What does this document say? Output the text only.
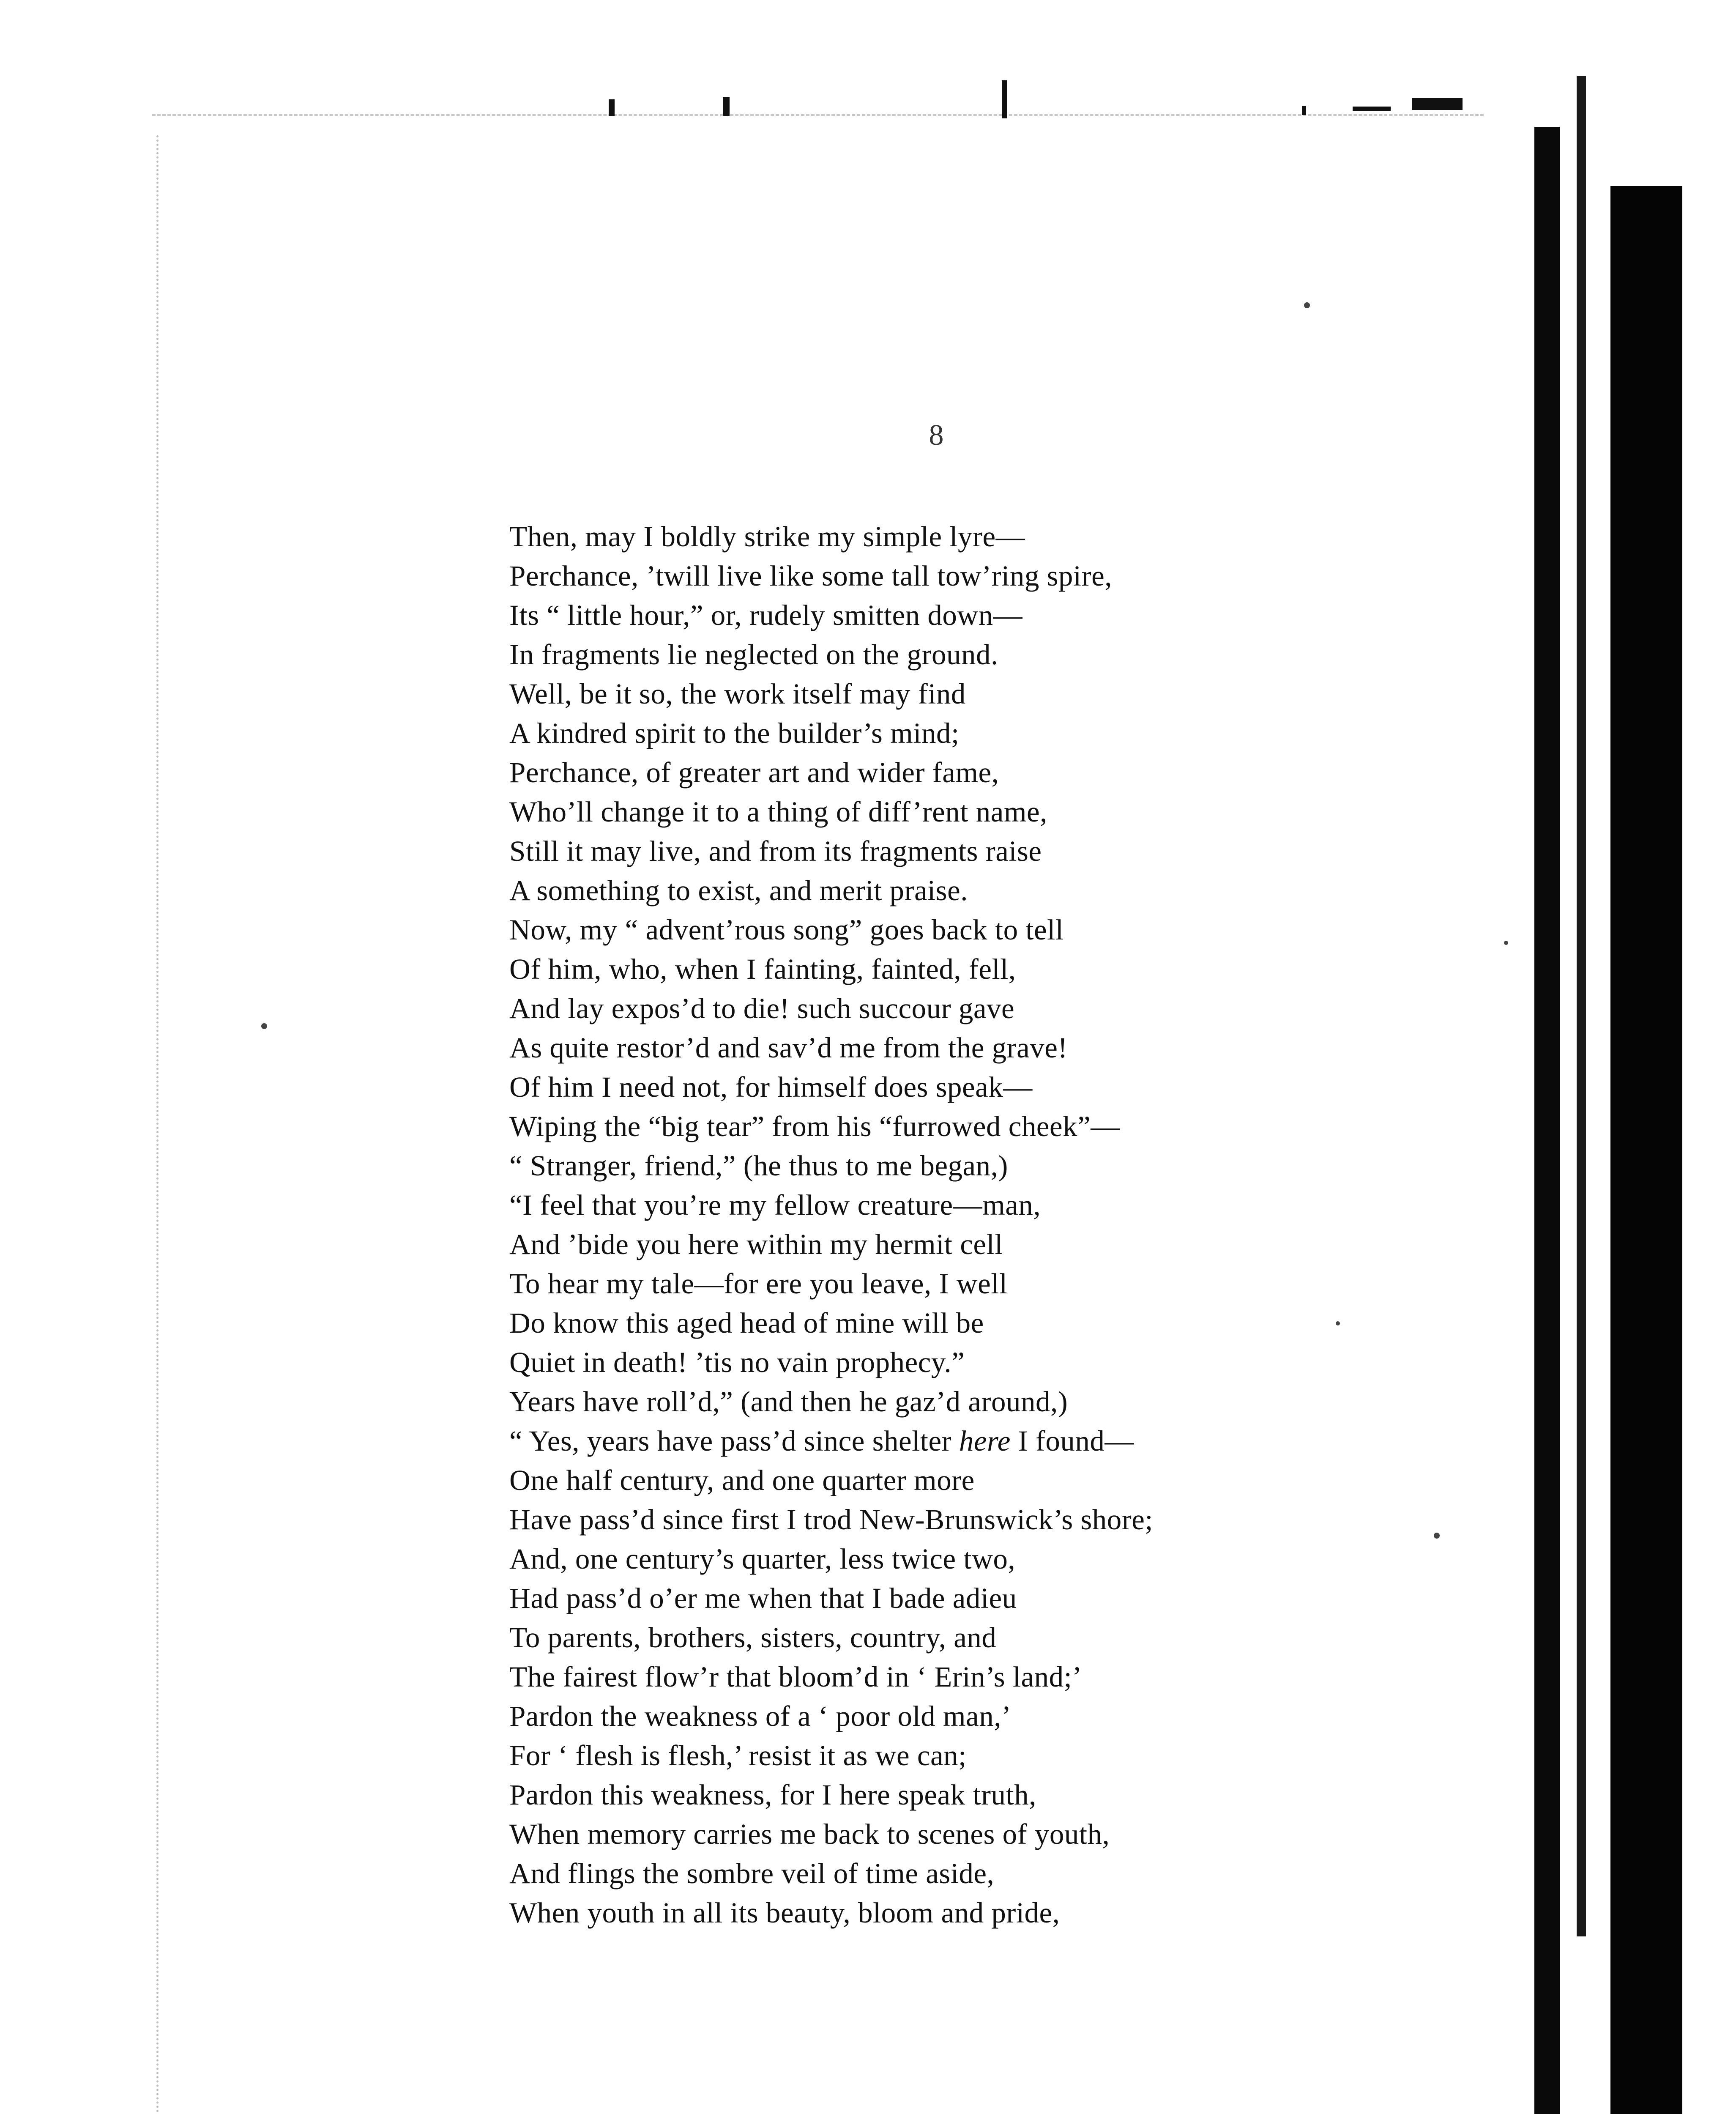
8
Then, may I boldly strike my simple lyre—
Perchance, ’twill live like some tall tow’ring spire,
Its “ little hour,” or, rudely smitten down—
In fragments lie neglected on the ground.
Well, be it so, the work itself may find
A kindred spirit to the builder’s mind;
Perchance, of greater art and wider fame,
Who’ll change it to a thing of diff’rent name,
Still it may live, and from its fragments raise
A something to exist, and merit praise.
Now, my “ advent’rous song” goes back to tell
Of him, who, when I fainting, fainted, fell,
And lay expos’d to die! such succour gave
As quite restor’d and sav’d me from the grave!
Of him I need not, for himself does speak—
Wiping the “big tear” from his “furrowed cheek”—
“ Stranger, friend,” (he thus to me began,)
“I feel that you’re my fellow creature—man,
And ’bide you here within my hermit cell
To hear my tale—for ere you leave, I well
Do know this aged head of mine will be
Quiet in death! ’tis no vain prophecy.”
Years have roll’d,” (and then he gaz’d around,)
“ Yes, years have pass’d since shelter here I found—
One half century, and one quarter more
Have pass’d since first I trod New-Brunswick’s shore;
And, one century’s quarter, less twice two,
Had pass’d o’er me when that I bade adieu
To parents, brothers, sisters, country, and
The fairest flow’r that bloom’d in ‘ Erin’s land;’
Pardon the weakness of a ‘ poor old man,’
For ‘ flesh is flesh,’ resist it as we can;
Pardon this weakness, for I here speak truth,
When memory carries me back to scenes of youth,
And flings the sombre veil of time aside,
When youth in all its beauty, bloom and pride,
